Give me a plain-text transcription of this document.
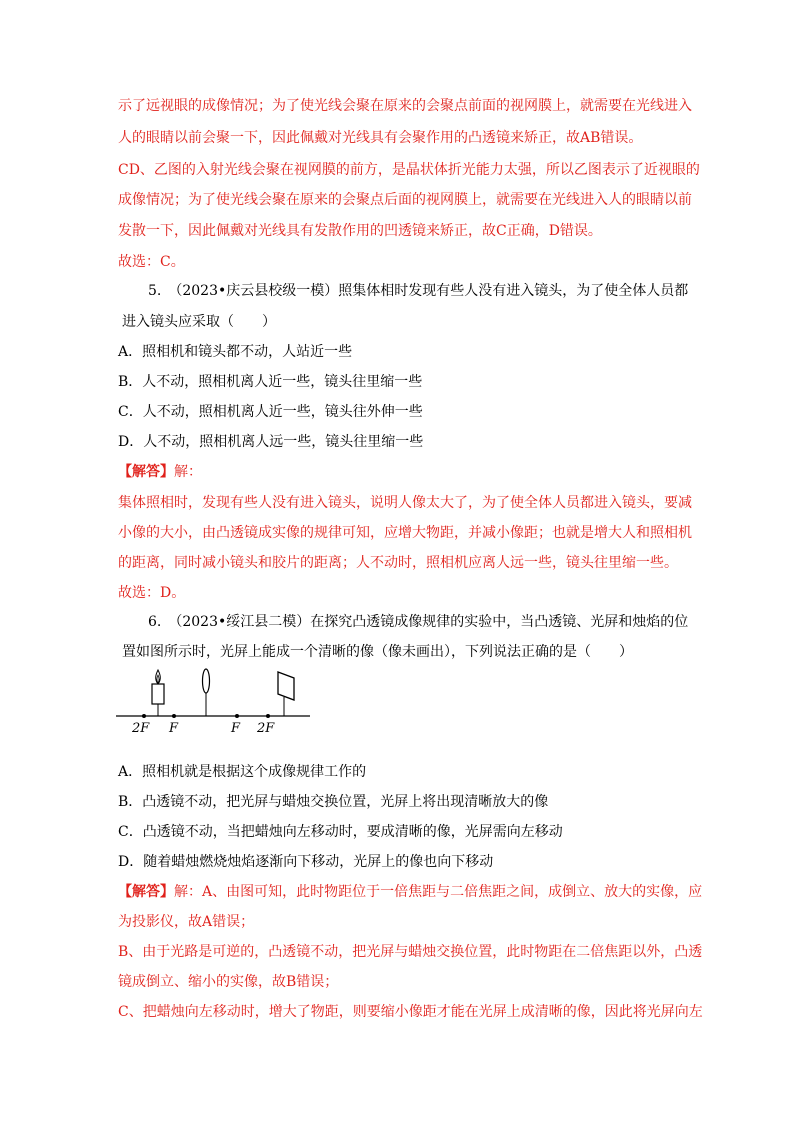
示了远视眼的成像情况；为了使光线会聚在原来的会聚点前面的视网膜上，就需要在光线进入
人的眼睛以前会聚一下，因此佩戴对光线具有会聚作用的凸透镜来矫正，故AB错误。
CD、乙图的入射光线会聚在视网膜的前方，是晶状体折光能力太强，所以乙图表示了近视眼的
成像情况；为了使光线会聚在原来的会聚点后面的视网膜上，就需要在光线进入人的眼睛以前
发散一下，因此佩戴对光线具有发散作用的凹透镜来矫正，故C正确，D错误。
故选：C。
5.　（2023•庆云县校级一模）照集体相时发现有些人没有进入镜头，为了使全体人员都
进入镜头应采取（　　）
A．照相机和镜头都不动，人站近一些
B．人不动，照相机离人近一些，镜头往里缩一些
C．人不动，照相机离人近一些，镜头往外伸一些
D．人不动，照相机离人远一些，镜头往里缩一些
【解答】解：
集体照相时，发现有些人没有进入镜头，说明人像太大了，为了使全体人员都进入镜头，要减
小像的大小，由凸透镜成实像的规律可知，应增大物距，并减小像距；也就是增大人和照相机
的距离，同时减小镜头和胶片的距离；人不动时，照相机应离人远一些，镜头往里缩一些。
故选：D。
6.　（2023•绥江县二模）在探究凸透镜成像规律的实验中，当凸透镜、光屏和烛焰的位
置如图所示时，光屏上能成一个清晰的像（像未画出），下列说法正确的是（　　）
2F F	F 2F
A．照相机就是根据这个成像规律工作的
B．凸透镜不动，把光屏与蜡烛交换位置，光屏上将出现清晰放大的像
C．凸透镜不动，当把蜡烛向左移动时，要成清晰的像，光屏需向左移动
D．随着蜡烛燃烧烛焰逐渐向下移动，光屏上的像也向下移动
【解答】解：A、由图可知，此时物距位于一倍焦距与二倍焦距之间，成倒立、放大的实像，应
为投影仪，故A错误；
B、由于光路是可逆的，凸透镜不动，把光屏与蜡烛交换位置，此时物距在二倍焦距以外，凸透
镜成倒立、缩小的实像，故B错误；
C、把蜡烛向左移动时，增大了物距，则要缩小像距才能在光屏上成清晰的像，因此将光屏向左
